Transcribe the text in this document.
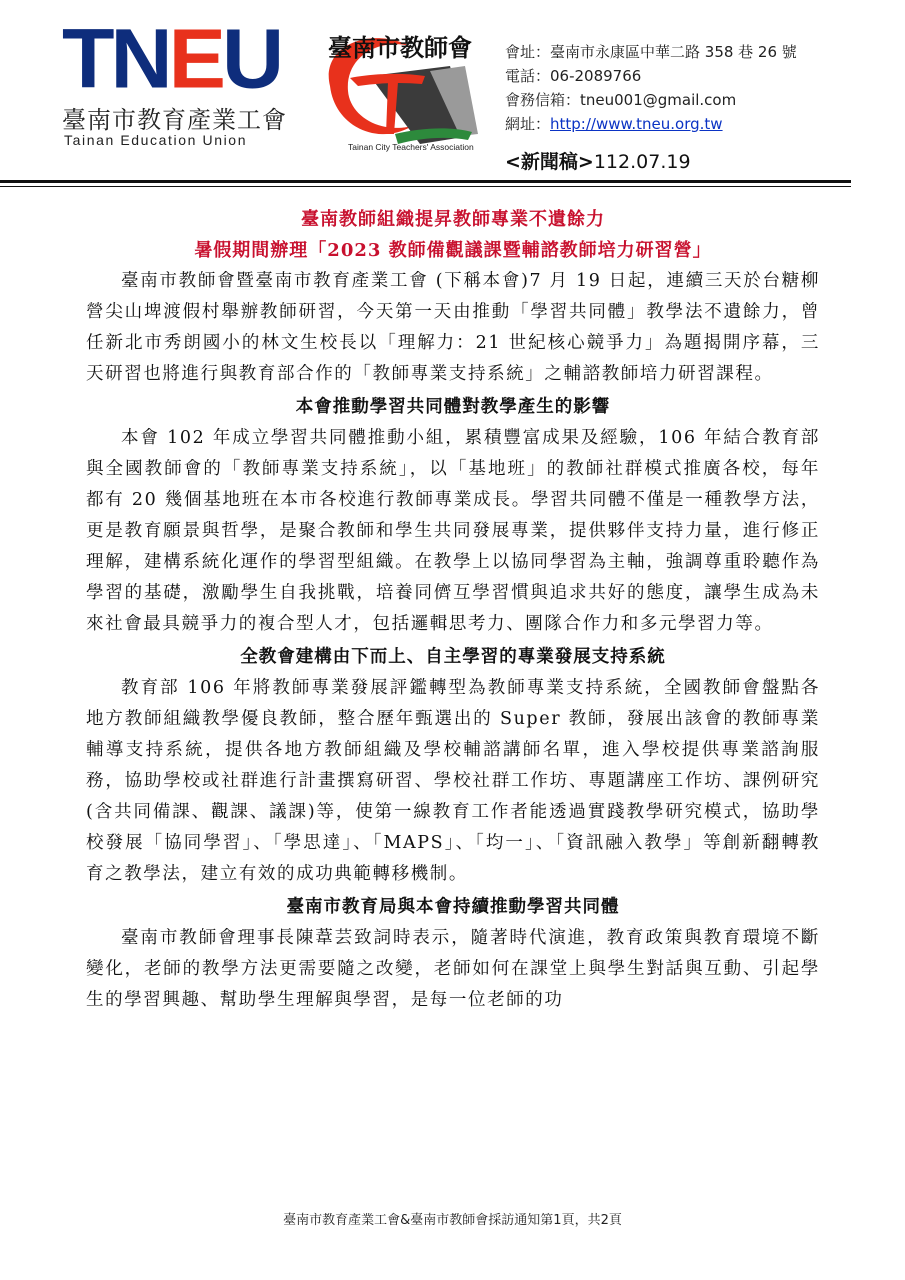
TNEU
臺南市教育產業工會
Tainan Education Union
臺南市教師會
Tainan City Teachers' Association
會址：臺南市永康區中華二路 358 巷 26 號
電話：06-2089766
會務信箱：tneu001@gmail.com
網址：http://www.tneu.org.tw
<新聞稿>112.07.19
臺南教師組織提昇教師專業不遺餘力
暑假期間辦理「2023 教師備觀議課暨輔諮教師培力研習營」

臺南市教師會暨臺南市教育產業工會 (下稱本會)7 月 19 日起，連續三天於台糖柳營尖山埤渡假村舉辦教師研習，今天第一天由推動「學習共同體」教學法不遺餘力，曾任新北市秀朗國小的林文生校長以「理解力：21 世紀核心競爭力」為題揭開序幕，三天研習也將進行與教育部合作的「教師專業支持系統」之輔諮教師培力研習課程。

本會推動學習共同體對教學產生的影響

本會 102 年成立學習共同體推動小組，累積豐富成果及經驗，106 年結合教育部與全國教師會的「教師專業支持系統」，以「基地班」的教師社群模式推廣各校，每年都有 20 幾個基地班在本市各校進行教師專業成長。學習共同體不僅是一種教學方法，更是教育願景與哲學，是聚合教師和學生共同發展專業，提供夥伴支持力量，進行修正理解，建構系統化運作的學習型組織。在教學上以協同學習為主軸，強調尊重聆聽作為學習的基礎，激勵學生自我挑戰，培養同儕互學習慣與追求共好的態度，讓學生成為未來社會最具競爭力的複合型人才，包括邏輯思考力、團隊合作力和多元學習力等。

全教會建構由下而上、自主學習的專業發展支持系統

教育部 106 年將教師專業發展評鑑轉型為教師專業支持系統，全國教師會盤點各地方教師組織教學優良教師，整合歷年甄選出的 Super 教師，發展出該會的教師專業輔導支持系統，提供各地方教師組織及學校輔諮講師名單，進入學校提供專業諮詢服務，協助學校或社群進行計畫撰寫研習、學校社群工作坊、專題講座工作坊、課例研究(含共同備課、觀課、議課)等，使第一線教育工作者能透過實踐教學研究模式，協助學校發展「協同學習」、「學思達」、「MAPS」、「均一」、「資訊融入教學」等創新翻轉教育之教學法，建立有效的成功典範轉移機制。

臺南市教育局與本會持續推動學習共同體

臺南市教師會理事長陳葦芸致詞時表示，隨著時代演進，教育政策與教育環境不斷變化，老師的教學方法更需要隨之改變，老師如何在課堂上與學生對話與互動、引起學生的學習興趣、幫助學生理解與學習，是每一位老師的功

臺南市教育產業工會&臺南市教師會採訪通知第1頁，共2頁
